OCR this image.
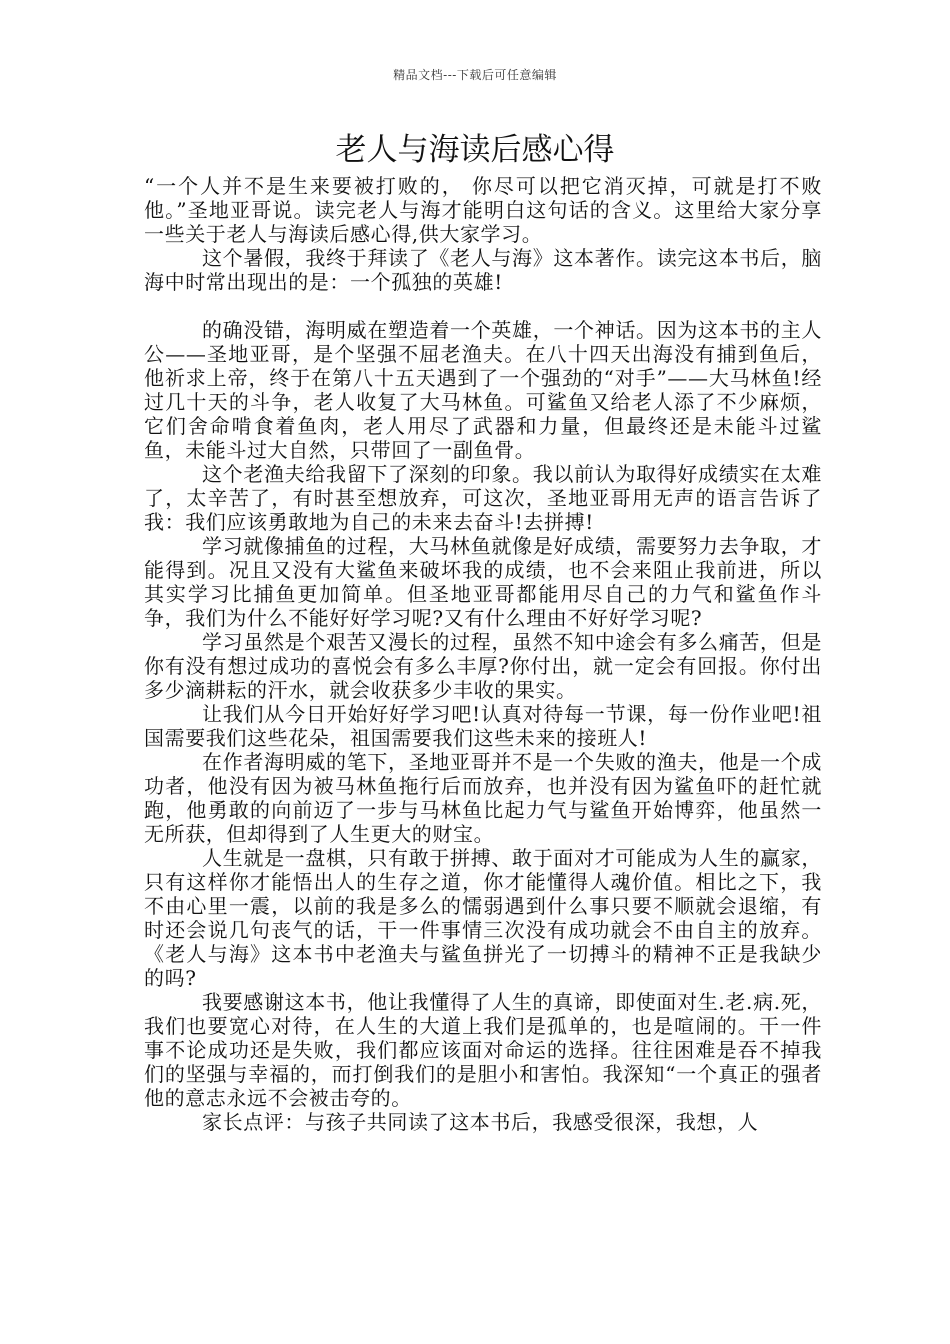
精品文档---下载后可任意编辑
老人与海读后感心得

“一个人并不是生来要被打败的， 你尽可以把它消灭掉，可就是打不败他。”圣地亚哥说。读完老人与海才能明白这句话的含义。这里给大家分享一些关于老人与海读后感心得,供大家学习。

这个暑假，我终于拜读了《老人与海》这本著作。读完这本书后，脑海中时常出现出的是：一个孤独的英雄!

的确没错，海明威在塑造着一个英雄，一个神话。因为这本书的主人公——圣地亚哥，是个坚强不屈老渔夫。在八十四天出海没有捕到鱼后，他祈求上帝，终于在第八十五天遇到了一个强劲的“对手”——大马林鱼!经过几十天的斗争，老人收复了大马林鱼。可鲨鱼又给老人添了不少麻烦，它们舍命啃食着鱼肉，老人用尽了武器和力量，但最终还是未能斗过鲨鱼，未能斗过大自然，只带回了一副鱼骨。

这个老渔夫给我留下了深刻的印象。我以前认为取得好成绩实在太难了，太辛苦了，有时甚至想放弃，可这次，圣地亚哥用无声的语言告诉了我：我们应该勇敢地为自己的未来去奋斗!去拼搏!

学习就像捕鱼的过程，大马林鱼就像是好成绩，需要努力去争取，才能得到。况且又没有大鲨鱼来破坏我的成绩，也不会来阻止我前进，所以其实学习比捕鱼更加简单。但圣地亚哥都能用尽自己的力气和鲨鱼作斗争，我们为什么不能好好学习呢?又有什么理由不好好学习呢?

学习虽然是个艰苦又漫长的过程，虽然不知中途会有多么痛苦，但是你有没有想过成功的喜悦会有多么丰厚?你付出，就一定会有回报。你付出多少滴耕耘的汗水，就会收获多少丰收的果实。

让我们从今日开始好好学习吧!认真对待每一节课，每一份作业吧!祖国需要我们这些花朵，祖国需要我们这些未来的接班人!

在作者海明威的笔下，圣地亚哥并不是一个失败的渔夫，他是一个成功者，他没有因为被马林鱼拖行后而放弃，也并没有因为鲨鱼吓的赶忙就跑，他勇敢的向前迈了一步与马林鱼比起力气与鲨鱼开始博弈，他虽然一无所获，但却得到了人生更大的财宝。

人生就是一盘棋，只有敢于拼搏、敢于面对才可能成为人生的赢家，只有这样你才能悟出人的生存之道，你才能懂得人魂价值。相比之下，我不由心里一震，以前的我是多么的懦弱遇到什么事只要不顺就会退缩，有时还会说几句丧气的话，干一件事情三次没有成功就会不由自主的放弃。《老人与海》这本书中老渔夫与鲨鱼拼光了一切搏斗的精神不正是我缺少的吗?

我要感谢这本书，他让我懂得了人生的真谛，即使面对生.老.病.死，我们也要宽心对待，在人生的大道上我们是孤单的，也是喧闹的。干一件事不论成功还是失败，我们都应该面对命运的选择。往往困难是吞不掉我们的坚强与幸福的，而打倒我们的是胆小和害怕。我深知“一个真正的强者他的意志永远不会被击夸的。

家长点评：与孩子共同读了这本书后，我感受很深，我想，人
